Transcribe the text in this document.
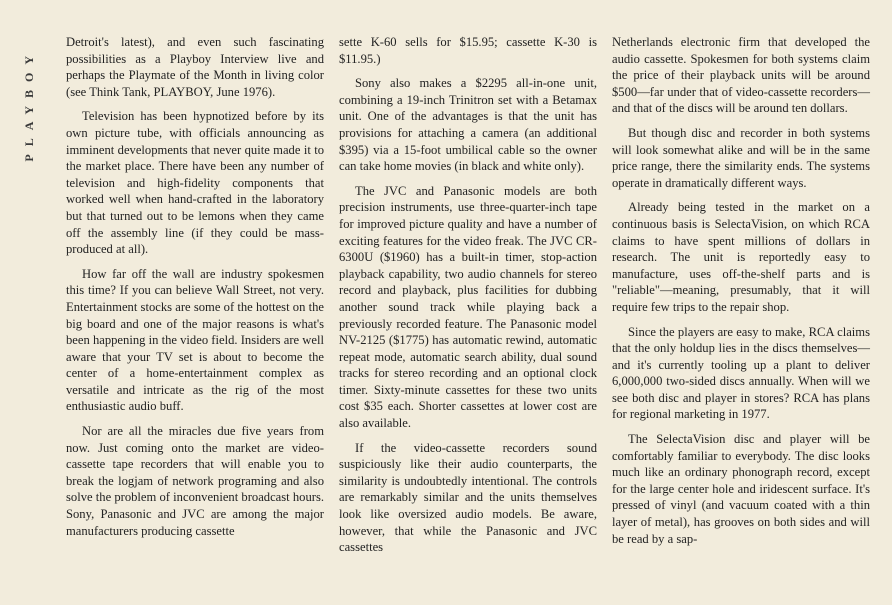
PLAYBOY

Detroit's latest), and even such fascinating possibilities as a Playboy Interview live and perhaps the Playmate of the Month in living color (see Think Tank, PLAYBOY, June 1976).

Television has been hypnotized before by its own picture tube, with officials announcing as imminent developments that never quite made it to the market place. There have been any number of television and high-fidelity components that worked well when hand-crafted in the laboratory but that turned out to be lemons when they came off the assembly line (if they could be mass-produced at all).

How far off the wall are industry spokesmen this time? If you can believe Wall Street, not very. Entertainment stocks are some of the hottest on the big board and one of the major reasons is what's been happening in the video field. Insiders are well aware that your TV set is about to become the center of a home-entertainment complex as versatile and intricate as the rig of the most enthusiastic audio buff.

Nor are all the miracles due five years from now. Just coming onto the market are video-cassette tape recorders that will enable you to break the logjam of network programing and also solve the problem of inconvenient broadcast hours. Sony, Panasonic and JVC are among the major manufacturers producing cassette

sette K-60 sells for $15.95; cassette K-30 is $11.95.)

Sony also makes a $2295 all-in-one unit, combining a 19-inch Trinitron set with a Betamax unit. One of the advantages is that the unit has provisions for attaching a camera (an additional $395) via a 15-foot umbilical cable so the owner can take home movies (in black and white only).

The JVC and Panasonic models are both precision instruments, use three-quarter-inch tape for improved picture quality and have a number of exciting features for the video freak. The JVC CR-6300U ($1960) has a built-in timer, stop-action playback capability, two audio channels for stereo record and playback, plus facilities for dubbing another sound track while playing back a previously recorded feature. The Panasonic model NV-2125 ($1775) has automatic rewind, automatic repeat mode, automatic search ability, dual sound tracks for stereo recording and an optional clock timer. Sixty-minute cassettes for these two units cost $35 each. Shorter cassettes at lower cost are also available.

If the video-cassette recorders sound suspiciously like their audio counterparts, the similarity is undoubtedly intentional. The controls are remarkably similar and the units themselves look like oversized audio models. Be aware, however, that while the Panasonic and JVC cassettes

Netherlands electronic firm that developed the audio cassette. Spokesmen for both systems claim the price of their playback units will be around $500—far under that of video-cassette recorders—and that of the discs will be around ten dollars.

But though disc and recorder in both systems will look somewhat alike and will be in the same price range, there the similarity ends. The systems operate in dramatically different ways.

Already being tested in the market on a continuous basis is SelectaVision, on which RCA claims to have spent millions of dollars in research. The unit is reportedly easy to manufacture, uses off-the-shelf parts and is "reliable"—meaning, presumably, that it will require few trips to the repair shop.

Since the players are easy to make, RCA claims that the only holdup lies in the discs themselves—and it's currently tooling up a plant to deliver 6,000,000 two-sided discs annually. When will we see both disc and player in stores? RCA has plans for regional marketing in 1977.

The SelectaVision disc and player will be comfortably familiar to everybody. The disc looks much like an ordinary phonograph record, except for the large center hole and iridescent surface. It's pressed of vinyl (and vacuum coated with a thin layer of metal), has grooves on both sides and will be read by a sap-
